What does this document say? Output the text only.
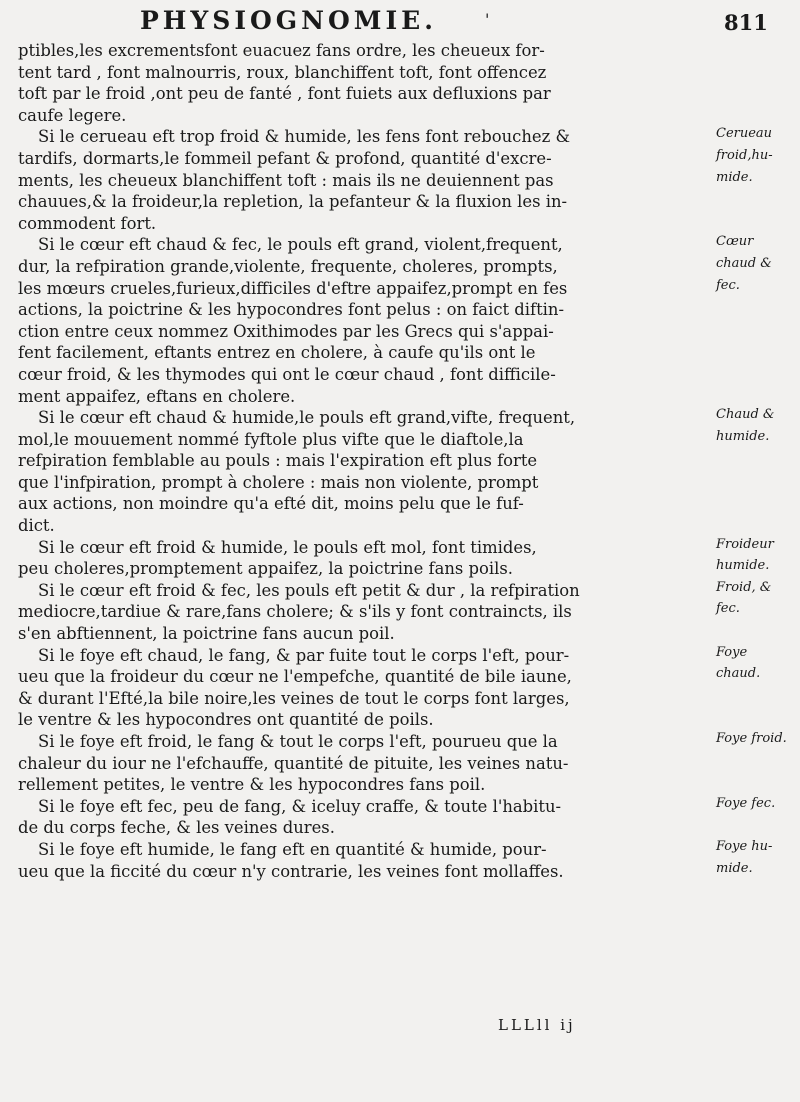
PHYSIOGNOMIE.	'	811
ptibles,les excrementsfont euacuez fans ordre, les cheueux for-
tent tard , font malnourris, roux, blanchiffent toft, font offencez
toft par le froid ,ont peu de fanté , font fuiets aux defluxions par
caufe legere.
Si le cerueau eft trop froid & humide, les fens font rebouchez &	Cerueau
tardifs, dormarts,le fommeil pefant & profond, quantité d'excre-	froid,hu-
ments, les cheueux blanchiffent toft : mais ils ne deuiennent pas	mide.
chauues,& la froideur,la repletion, la pefanteur & la fluxion les in-
commodent fort.
Si le cœur eft chaud & fec, le pouls eft grand, violent,frequent,	Cœur
dur, la refpiration grande,violente, frequente, choleres, prompts,	chaud &
les mœurs crueles,furieux,difficiles d'eftre appaifez,prompt en fes	fec.
actions, la poictrine & les hypocondres font pelus : on faict diftin-
ction entre ceux nommez Oxithimodes par les Grecs qui s'appai-
fent facilement, eftants entrez en cholere, à caufe qu'ils ont le
cœur froid, & les thymodes qui ont le cœur chaud , font difficile-
ment appaifez, eftans en cholere.
Si le cœur eft chaud & humide,le pouls eft grand,vifte, frequent,	Chaud &
mol,le mouuement nommé fyftole plus vifte que le diaftole,la	humide.
refpiration femblable au pouls : mais l'expiration eft plus forte
que l'infpiration, prompt à cholere : mais non violente, prompt
aux actions, non moindre qu'a efté dit, moins pelu que le fuf-
dict.
Si le cœur eft froid & humide, le pouls eft mol, font timides,	Froideur
peu choleres,promptement appaifez, la poictrine fans poils.	humide.
Si le cœur eft froid & fec, les pouls eft petit & dur , la refpiration	Froid, &
mediocre,tardiue & rare,fans cholere; & s'ils y font contraincts, ils	fec.
s'en abftiennent, la poictrine fans aucun poil.
Si le foye eft chaud, le fang, & par fuite tout le corps l'eft, pour-	Foye
ueu que la froideur du cœur ne l'empefche, quantité de bile iaune,	chaud.
& durant l'Efté,la bile noire,les veines de tout le corps font larges,
le ventre & les hypocondres ont quantité de poils.
Si le foye eft froid, le fang & tout le corps l'eft, pourueu que la	Foye froid.
chaleur du iour ne l'efchauffe, quantité de pituite, les veines natu-
rellement petites, le ventre & les hypocondres fans poil.
Si le foye eft fec, peu de fang, & iceluy craffe, & toute l'habitu-	Foye fec.
de du corps feche, & les veines dures.
Si le foye eft humide, le fang eft en quantité & humide, pour-	Foye hu-
ueu que la ficcité du cœur n'y contrarie, les veines font mollaffes.	mide.
LLLll ij
